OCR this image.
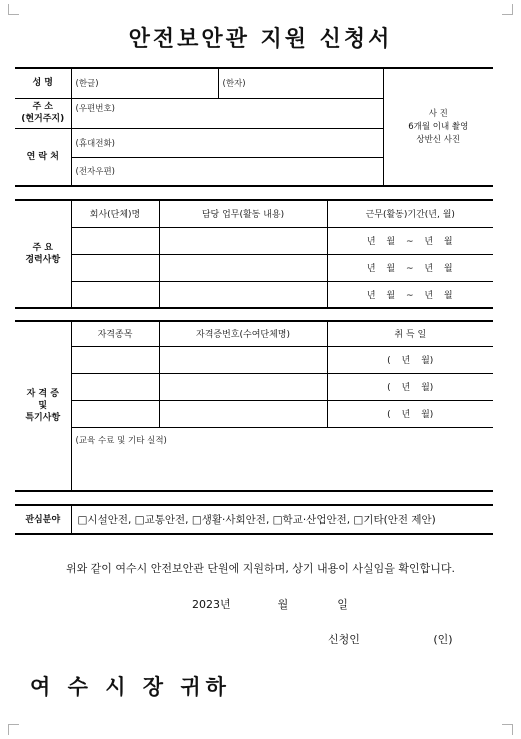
안전보안관 지원 신청서
성 명	(한글)	(한자)	사 진
6개월 이내 촬영
상반신 사진

주 소
(현거주지)	(우편번호)		
연 락 처	(휴대전화)		
	(전자우편)		
주 요
경력사항	회사(단체)명	담당 업무(활동 내용)	근무(활동)기간(년, 월)
			년 월 ~ 년 월
			년 월 ~ 년 월
			년 월 ~ 년 월
자 격 증
및
특기사항	자격종목	자격증번호(수여단체명)	취 득 일
			( 년 월)
			( 년 월)
			( 년 월)
	(교육 수료 및 기타 실적)		
관심분야	□시설안전, □교통안전, □생활·사회안전, □학교·산업안전, □기타(안전 제안)
위와 같이 여수시 안전보안관 단원에 지원하며, 상기 내용이 사실임을 확인합니다.
2023년	월	일
신청인	(인)
여 수 시 장 귀하
